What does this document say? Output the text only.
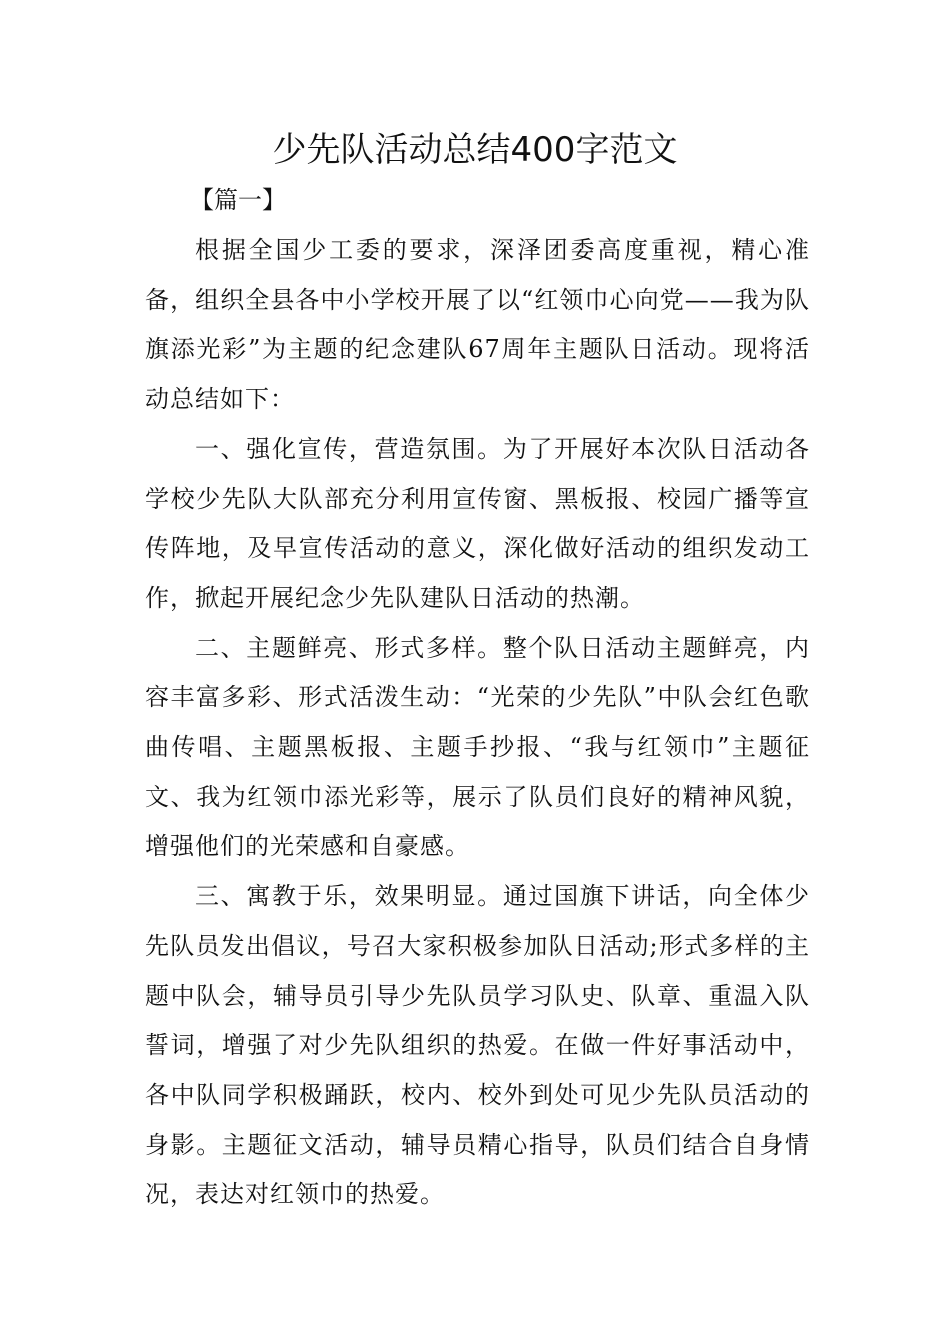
少先队活动总结400字范文
【篇一】

根据全国少工委的要求，深泽团委高度重视，精心准备，组织全县各中小学校开展了以“红领巾心向党——我为队旗添光彩”为主题的纪念建队67周年主题队日活动。现将活动总结如下：

一、强化宣传，营造氛围。为了开展好本次队日活动各学校少先队大队部充分利用宣传窗、黑板报、校园广播等宣传阵地，及早宣传活动的意义，深化做好活动的组织发动工作，掀起开展纪念少先队建队日活动的热潮。

二、主题鲜亮、形式多样。整个队日活动主题鲜亮，内容丰富多彩、形式活泼生动：“光荣的少先队”中队会红色歌曲传唱、主题黑板报、主题手抄报、“我与红领巾”主题征文、我为红领巾添光彩等，展示了队员们良好的精神风貌，增强他们的光荣感和自豪感。

三、寓教于乐，效果明显。通过国旗下讲话，向全体少先队员发出倡议，号召大家积极参加队日活动;形式多样的主题中队会，辅导员引导少先队员学习队史、队章、重温入队誓词，增强了对少先队组织的热爱。在做一件好事活动中，各中队同学积极踊跃，校内、校外到处可见少先队员活动的身影。主题征文活动，辅导员精心指导，队员们结合自身情况，表达对红领巾的热爱。
